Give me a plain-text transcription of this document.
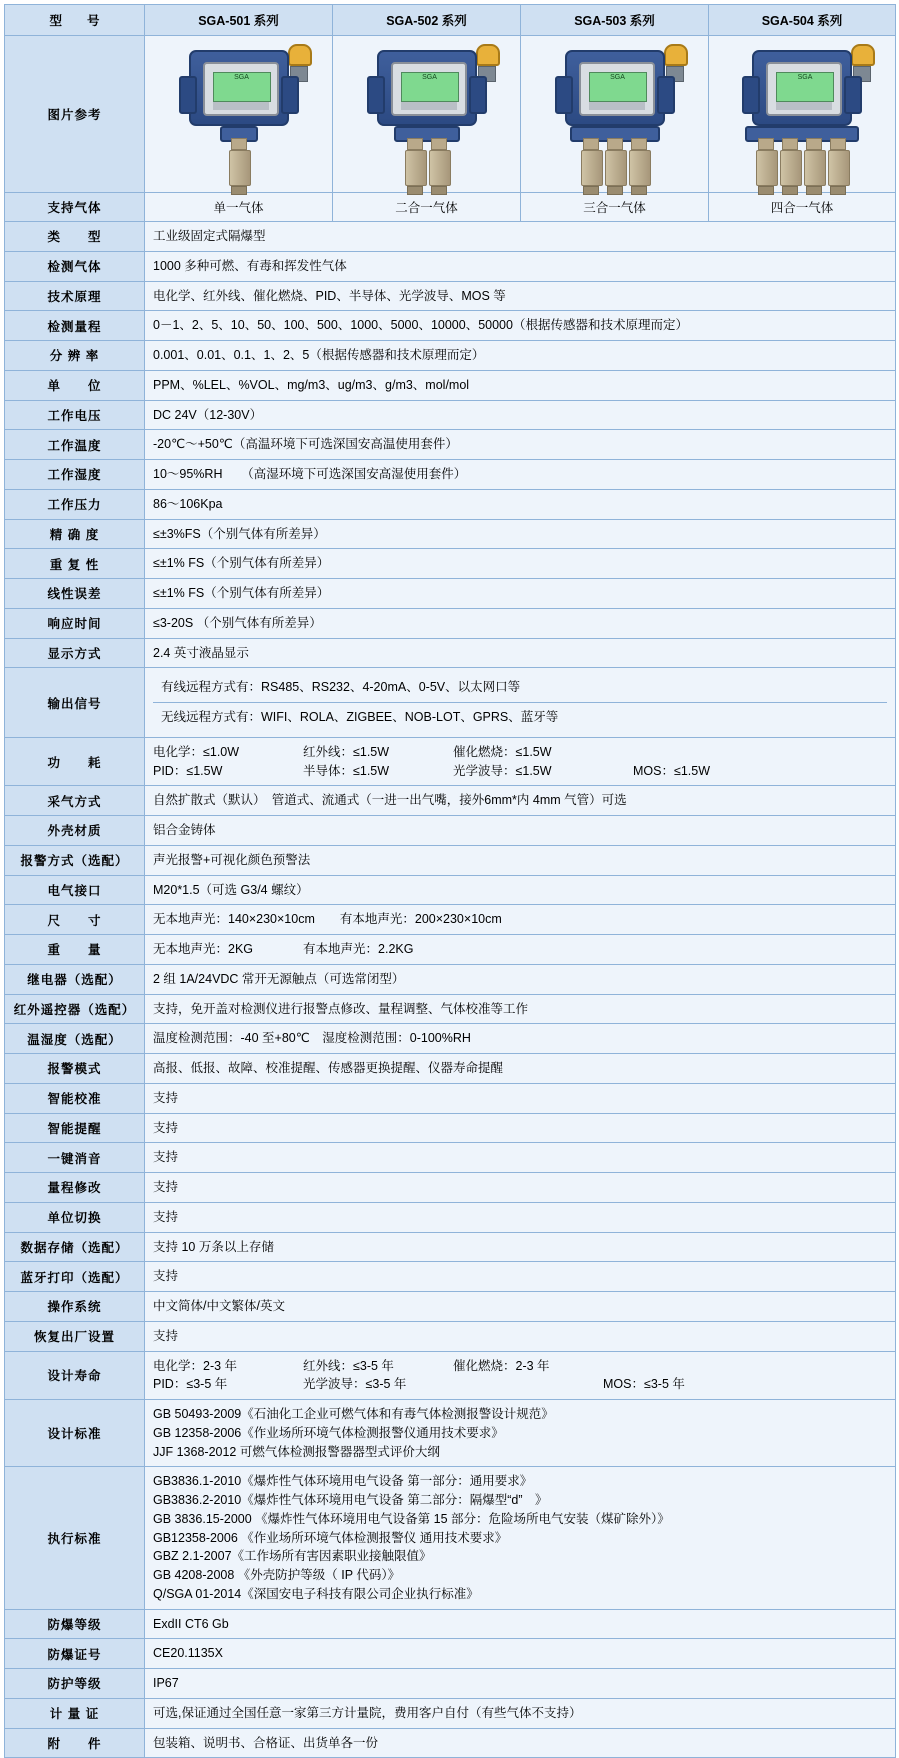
型　　号	SGA-501 系列	SGA-502 系列	SGA-503 系列	SGA-504 系列
图片参考	
SGA	SGA	SGA	SGA

支持气体	单一气体	二合一气体	三合一气体	四合一气体
类　　型	工业级固定式隔爆型
检测气体	1000 多种可燃、有毒和挥发性气体
技术原理	电化学、红外线、催化燃烧、PID、半导体、光学波导、MOS 等
检测量程	0－1、2、5、10、50、100、500、1000、5000、10000、50000（根据传感器和技术原理而定）
分 辨 率	0.001、0.01、0.1、1、2、5（根据传感器和技术原理而定）
单　　位	PPM、%LEL、%VOL、mg/m3、ug/m3、g/m3、mol/mol
工作电压	DC 24V（12-30V）
工作温度	-20℃～+50℃（高温环境下可选深国安高温使用套件）
工作湿度	10～95%RH　　（高湿环境下可选深国安高湿使用套件）
工作压力	86～106Kpa
精 确 度	≤±3%FS（个别气体有所差异）
重 复 性	≤±1% FS（个别气体有所差异）
线性误差	≤±1% FS（个别气体有所差异）
响应时间	≤3-20S （个别气体有所差异）
显示方式	2.4 英寸液晶显示
输出信号	
有线远程方式有：RS485、RS232、4-20mA、0-5V、以太网口等
无线远程方式有：WIFI、ROLA、ZIGBEE、NOB-LOT、GPRS、蓝牙等

功　　耗	
电化学：≤1.0W	红外线：≤1.5W	催化燃烧：≤1.5W
PID：≤1.5W	半导体：≤1.5W	光学波导：≤1.5W	MOS：≤1.5W

采气方式	自然扩散式（默认）　管道式、流通式（一进一出气嘴，接外6mm*内 4mm 气管）可选
外壳材质	铝合金铸体
报警方式（选配）	声光报警+可视化颜色预警法
电气接口	M20*1.5（可选 G3/4 螺纹）
尺　　寸	无本地声光：140×230×10cm　　有本地声光：200×230×10cm
重　　量	无本地声光：2KG　　　　有本地声光：2.2KG
继电器（选配）	2 组 1A/24VDC 常开无源触点（可选常闭型）
红外遥控器（选配）	支持，免开盖对检测仪进行报警点修改、量程调整、气体校准等工作
温湿度（选配）	温度检测范围：-40 至+80℃　湿度检测范围：0-100%RH
报警模式	高报、低报、故障、校准提醒、传感器更换提醒、仪器寿命提醒
智能校准	支持
智能提醒	支持
一键消音	支持
量程修改	支持
单位切换	支持
数据存储（选配）	支持 10 万条以上存储
蓝牙打印（选配）	支持
操作系统	中文简体/中文繁体/英文
恢复出厂设置	支持
设计寿命	
电化学：2-3 年	红外线：≤3-5 年	催化燃烧：2-3 年
PID：≤3-5 年	光学波导：≤3-5 年	MOS：≤3-5 年

设计标准	
GB 50493-2009《石油化工企业可燃气体和有毒气体检测报警设计规范》
GB 12358-2006《作业场所环境气体检测报警仪通用技术要求》
JJF 1368-2012 可燃气体检测报警器器型式评价大纲

执行标准	
GB3836.1-2010《爆炸性气体环境用电气设备 第一部分：通用要求》
GB3836.2-2010《爆炸性气体环境用电气设备 第二部分：隔爆型“d”　》
GB 3836.15-2000 《爆炸性气体环境用电气设备第 15 部分：危险场所电气安装（煤矿除外）》
GB12358-2006 《作业场所环境气体检测报警仪 通用技术要求》
GBZ 2.1-2007《工作场所有害因素职业接触限值》
GB 4208-2008 《外壳防护等级（ IP 代码）》
Q/SGA 01-2014《深国安电子科技有限公司企业执行标准》

防爆等级	ExdII CT6 Gb
防爆证号	CE20.1135X
防护等级	IP67
计 量 证	可选,保证通过全国任意一家第三方计量院，费用客户自付（有些气体不支持）
附　　件	包装箱、说明书、合格证、出货单各一份
